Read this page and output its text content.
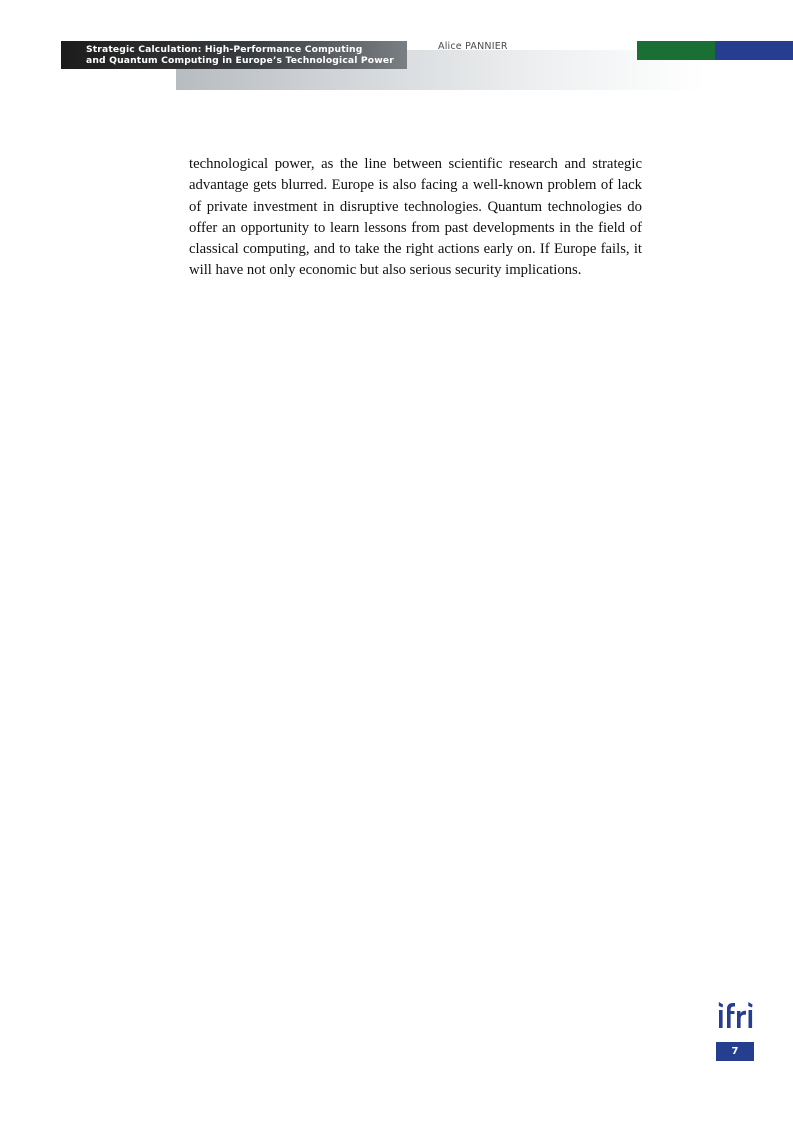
Strategic Calculation: High-Performance Computing
and Quantum Computing in Europe’s Technological Power
Alice PANNIER

technological power, as the line between scientific research and strategic advantage gets blurred. Europe is also facing a well-known problem of lack of private investment in disruptive technologies. Quantum technologies do offer an opportunity to learn lessons from past developments in the field of classical computing, and to take the right actions early on. If Europe fails, it will have not only economic but also serious security implications.

7
